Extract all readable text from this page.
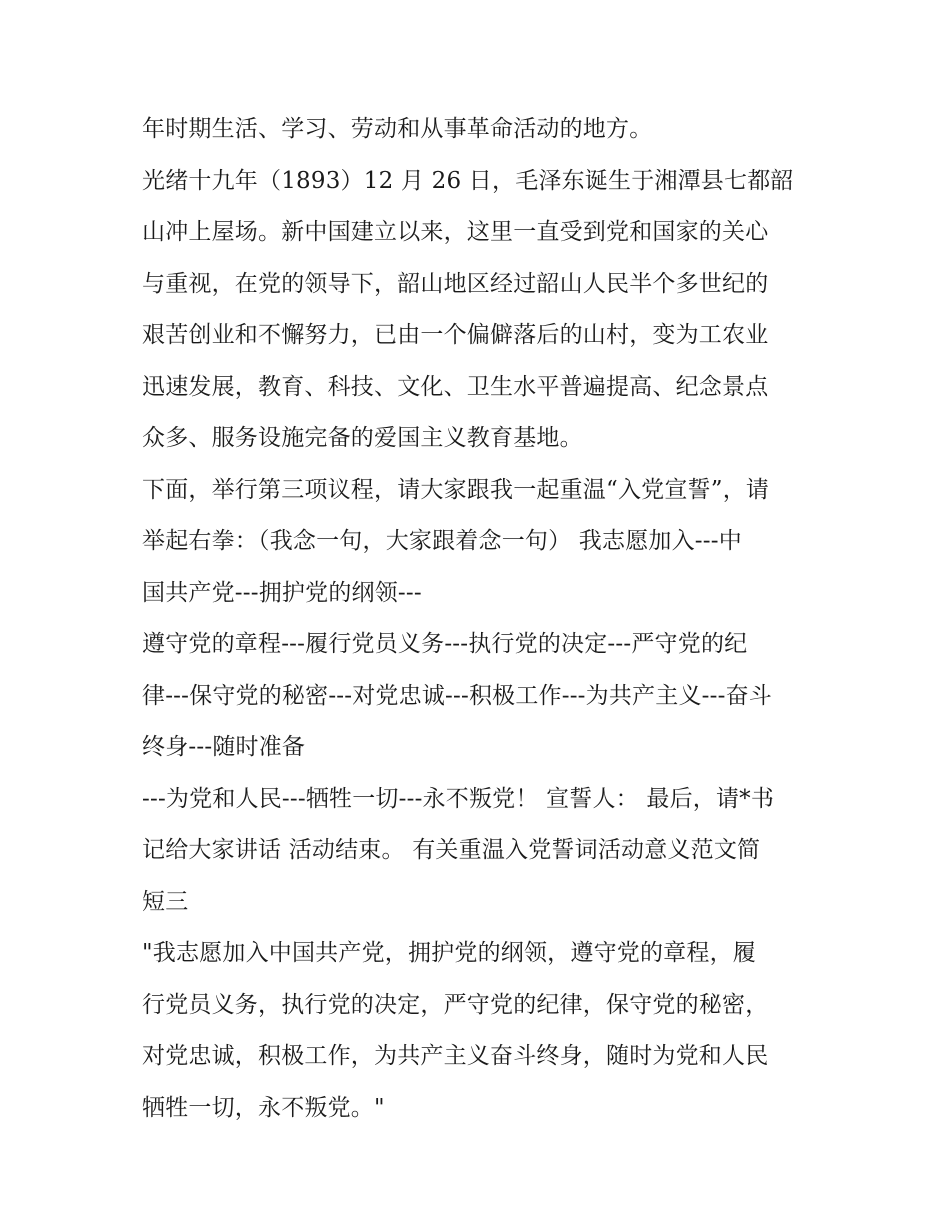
年时期生活、学习、劳动和从事革命活动的地方。
光绪十九年（1893）12 月 26 日，毛泽东诞生于湘潭县七都韶
山冲上屋场。新中国建立以来，这里一直受到党和国家的关心
与重视，在党的领导下，韶山地区经过韶山人民半个多世纪的
艰苦创业和不懈努力，已由一个偏僻落后的山村，变为工农业
迅速发展，教育、科技、文化、卫生水平普遍提高、纪念景点
众多、服务设施完备的爱国主义教育基地。
下面，举行第三项议程，请大家跟我一起重温“入党宣誓”，请
举起右拳：（我念一句，大家跟着念一句） 我志愿加入---中
国共产党---拥护党的纲领---
遵守党的章程---履行党员义务---执行党的决定---严守党的纪
律---保守党的秘密---对党忠诚---积极工作---为共产主义---奋斗
终身---随时准备
---为党和人民---牺牲一切---永不叛党！ 宣誓人： 最后，请*书
记给大家讲话 活动结束。 有关重温入党誓词活动意义范文简
短三
"我志愿加入中国共产党，拥护党的纲领，遵守党的章程，履
行党员义务，执行党的决定，严守党的纪律，保守党的秘密，
对党忠诚，积极工作，为共产主义奋斗终身，随时为党和人民
牺牲一切，永不叛党。"
